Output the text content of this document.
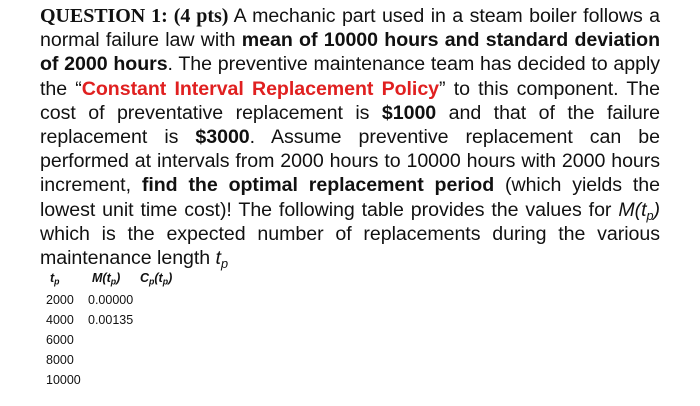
QUESTION 1: (4 pts) A mechanic part used in a steam boiler follows a normal failure law with mean of 10000 hours and standard deviation of 2000 hours. The preventive maintenance team has decided to apply the “Constant Interval Replacement Policy” to this component. The cost of preventative replacement is $1000 and that of the failure replacement is $3000. Assume preventive replacement can be performed at intervals from 2000 hours to 10000 hours with 2000 hours increment, find the optimal replacement period (which yields the lowest unit time cost)! The following table provides the values for $M(t_p)$ which is the expected number of replacements during the various maintenance length $t_p$
$t_p$	$M(t_p)$ $C_p(t_p)$
2000 0.00000
4000 0.00135
6000
8000
10000
